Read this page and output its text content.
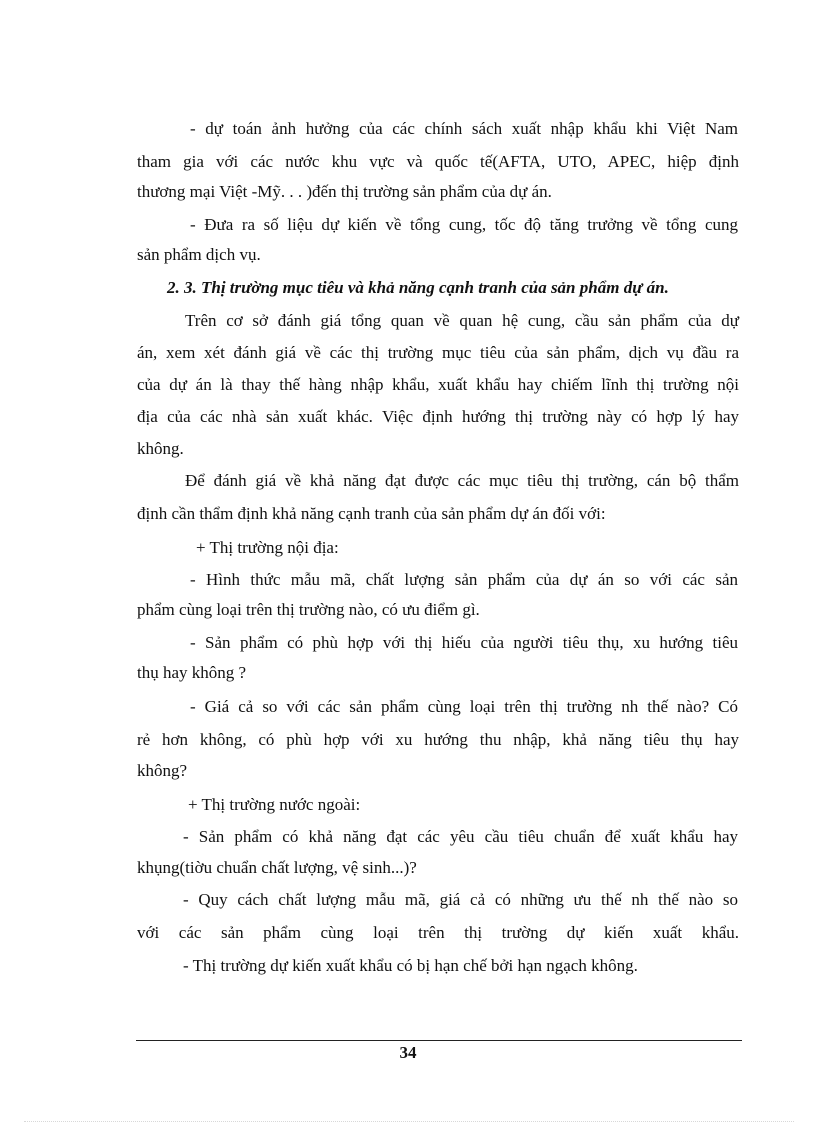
- dự toán ảnh hưởng của các chính sách xuất nhập khẩu khi Việt Nam
tham gia với các nước khu vực và quốc tế(AFTA, UTO, APEC, hiệp định
thương mại Việt -Mỹ. . . )đến thị trường sản phẩm của dự án.
- Đưa ra số liệu dự kiến về tổng cung, tốc độ tăng trưởng về tổng cung
sản phẩm dịch vụ.
2. 3. Thị trường mục tiêu và khả năng cạnh tranh của sản phẩm dự án.
Trên cơ sở đánh giá tổng quan về quan hệ cung, cầu sản phẩm của dự
án, xem xét đánh giá về các thị trường mục tiêu của sản phẩm, dịch vụ đầu ra
của dự án là thay thế hàng nhập khẩu, xuất khẩu hay chiếm lĩnh thị trường nội
địa của các nhà sản xuất khác. Việc định hướng thị trường này có hợp lý hay
không.
Để đánh giá về khả năng đạt được các mục tiêu thị trường, cán bộ thẩm
định cần thẩm định khả năng cạnh tranh của sản phẩm dự án đối với:
+ Thị trường nội địa:
- Hình thức mẫu mã, chất lượng sản phẩm của dự án so với các sản
phẩm cùng loại trên thị trường nào, có ưu điểm gì.
- Sản phẩm có phù hợp với thị hiếu của người tiêu thụ, xu hướng tiêu
thụ hay không ?
- Giá cả so với các sản phẩm cùng loại trên thị trường nh thế nào? Có
rẻ hơn không, có phù hợp với xu hướng thu nhập, khả năng tiêu thụ hay
không?
+ Thị trường nước ngoài:
- Sản phẩm có khả năng đạt các yêu cầu tiêu chuẩn để xuất khẩu hay
khụng(tiờu chuẩn chất lượng, vệ sinh...)?
- Quy cách chất lượng mẫu mã, giá cả có những ưu thế nh thế nào so
với các sản phẩm cùng loại trên thị trường dự kiến xuất khẩu.
- Thị trường dự kiến xuất khẩu có bị hạn chế bởi hạn ngạch không.
34
